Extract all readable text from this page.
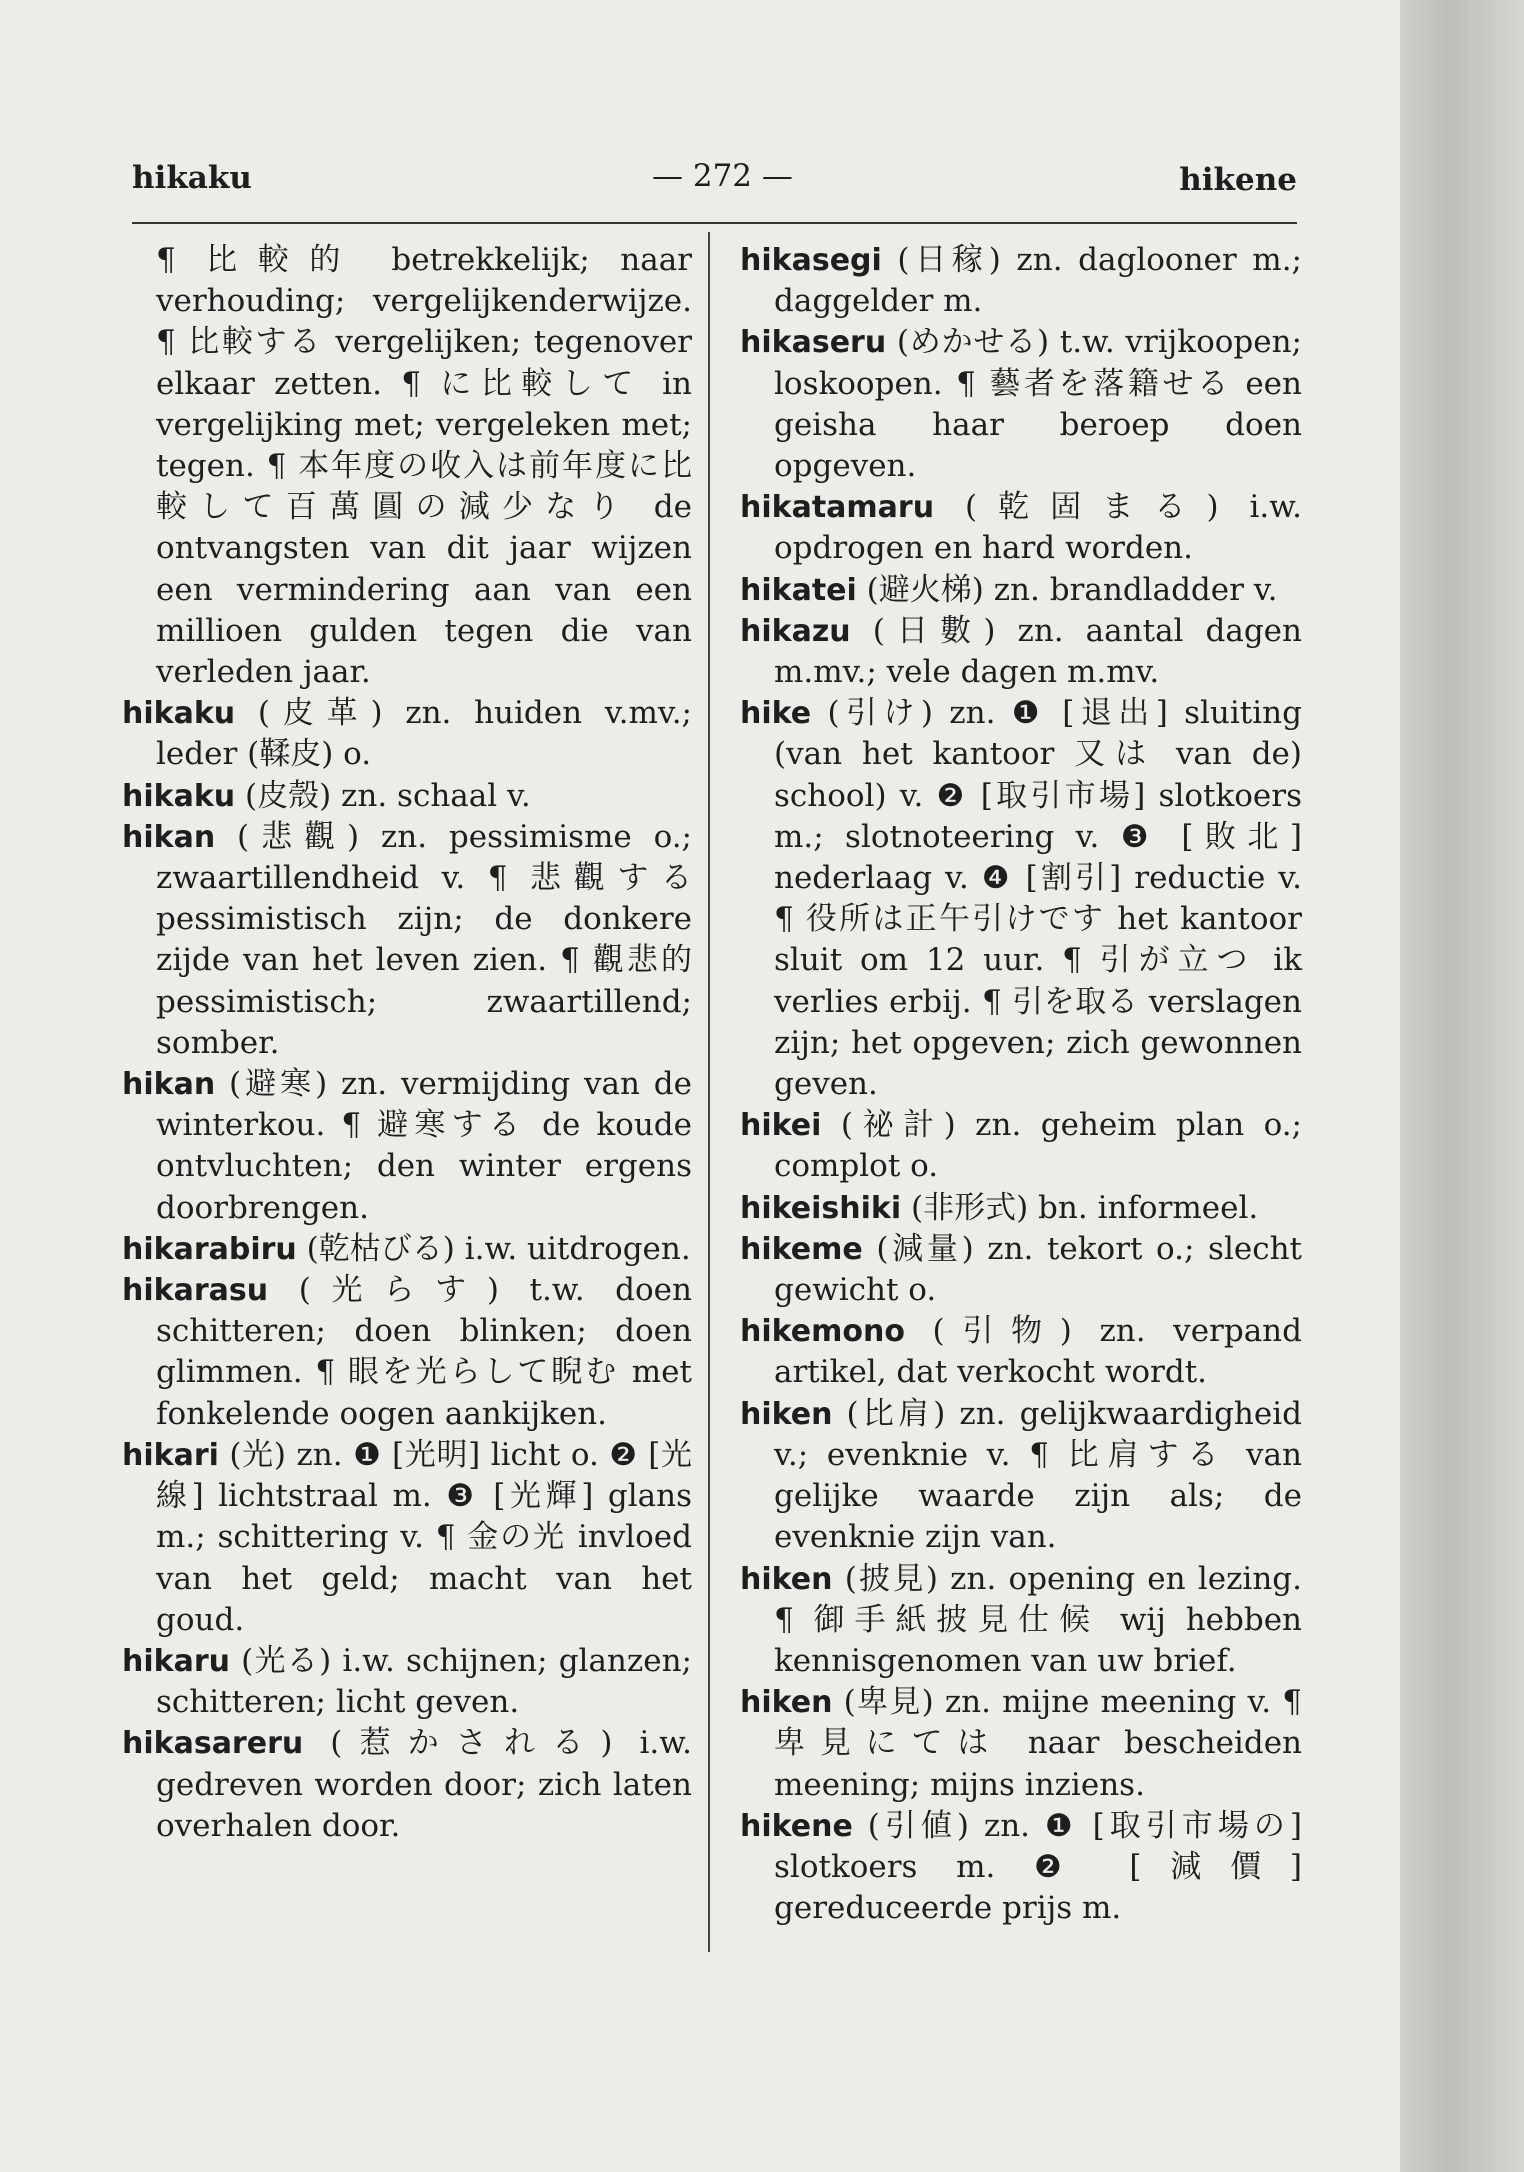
hikaku	— 272 —	hikene

¶ 比較的 betrekkelijk; naar verhouding; vergelijkenderwijze. ¶ 比較する vergelijken; tegenover elkaar zetten. ¶ に比較して in vergelijking met; vergeleken met; tegen. ¶ 本年度の收入は前年度に比較して百萬圓の減少なり de ontvangsten van dit jaar wijzen een vermindering aan van een millioen gulden tegen die van verleden jaar.

hikaku (皮革) zn. huiden v.mv.; leder (鞣皮) o.

hikaku (皮殼) zn. schaal v.

hikan (悲觀) zn. pessimisme o.; zwaartillendheid v. ¶ 悲觀する pessimistisch zijn; de donkere zijde van het leven zien. ¶ 觀悲的 pessimistisch; zwaartillend; somber.

hikan (避寒) zn. vermijding van de winterkou. ¶ 避寒する de koude ontvluchten; den winter ergens doorbrengen.

hikarabiru (乾枯びる) i.w. uitdrogen.

hikarasu (光らす) t.w. doen schitteren; doen blinken; doen glimmen. ¶ 眼を光らして睨む met fonkelende oogen aankijken.

hikari (光) zn. ❶ [光明] licht o. ❷ [光線] lichtstraal m. ❸ [光輝] glans m.; schittering v. ¶ 金の光 invloed van het geld; macht van het goud.

hikaru (光る) i.w. schijnen; glanzen; schitteren; licht geven.

hikasareru (惹かされる) i.w. gedreven worden door; zich laten overhalen door.

hikasegi (日稼) zn. daglooner m.; daggelder m.

hikaseru (めかせる) t.w. vrijkoopen; loskoopen. ¶ 藝者を落籍せる een geisha haar beroep doen opgeven.

hikatamaru (乾固まる) i.w. opdrogen en hard worden.

hikatei (避火梯) zn. brandladder v.

hikazu (日數) zn. aantal dagen m.mv.; vele dagen m.mv.

hike (引け) zn. ❶ [退出] sluiting (van het kantoor 又は van de) school) v. ❷ [取引市場] slotkoers m.; slotnoteering v. ❸ [敗北] nederlaag v. ❹ [割引] reductie v. ¶ 役所は正午引けです het kantoor sluit om 12 uur. ¶ 引が立つ ik verlies erbij. ¶ 引を取る verslagen zijn; het opgeven; zich gewonnen geven.

hikei (祕計) zn. geheim plan o.; complot o.

hikeishiki (非形式) bn. informeel.

hikeme (減量) zn. tekort o.; slecht gewicht o.

hikemono (引物) zn. verpand artikel, dat verkocht wordt.

hiken (比肩) zn. gelijkwaardigheid v.; evenknie v. ¶ 比肩する van gelijke waarde zijn als; de evenknie zijn van.

hiken (披見) zn. opening en lezing. ¶ 御手紙披見仕候 wij hebben kennisgenomen van uw brief.

hiken (卑見) zn. mijne meening v. ¶ 卑見にては naar bescheiden meening; mijns inziens.

hikene (引値) zn. ❶ [取引市場の] slotkoers m. ❷ [減價] gereduceerde prijs m.
